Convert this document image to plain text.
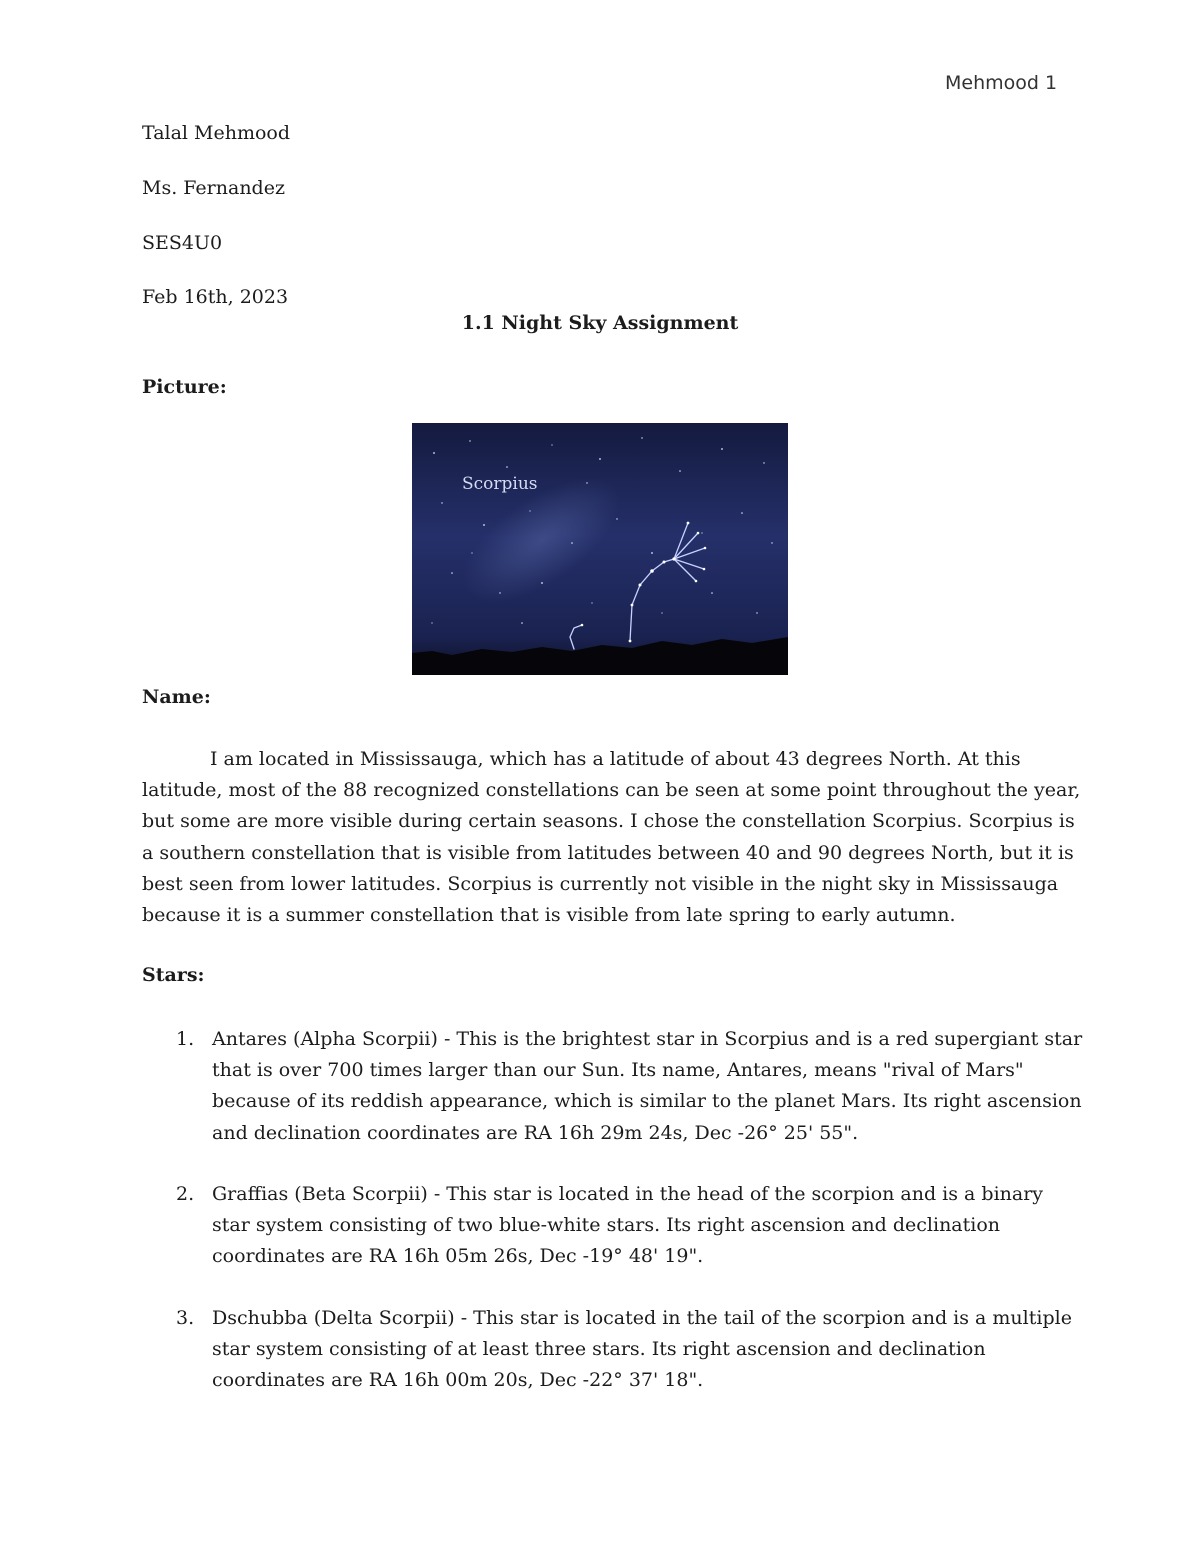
Mehmood 1
Talal Mehmood
Ms. Fernandez
SES4U0
Feb 16th, 2023
1.1 Night Sky Assignment
Picture:
Scorpius
Name:
I am located in Mississauga, which has a latitude of about 43 degrees North. At this
latitude, most of the 88 recognized constellations can be seen at some point throughout the year,
but some are more visible during certain seasons. I chose the constellation Scorpius. Scorpius is
a southern constellation that is visible from latitudes between 40 and 90 degrees North, but it is
best seen from lower latitudes. Scorpius is currently not visible in the night sky in Mississauga
because it is a summer constellation that is visible from late spring to early autumn.
Stars:
1. Antares (Alpha Scorpii) - This is the brightest star in Scorpius and is a red supergiant star
that is over 700 times larger than our Sun. Its name, Antares, means "rival of Mars"
because of its reddish appearance, which is similar to the planet Mars. Its right ascension
and declination coordinates are RA 16h 29m 24s, Dec -26° 25' 55".
2. Graffias (Beta Scorpii) - This star is located in the head of the scorpion and is a binary
star system consisting of two blue-white stars. Its right ascension and declination
coordinates are RA 16h 05m 26s, Dec -19° 48' 19".
3. Dschubba (Delta Scorpii) - This star is located in the tail of the scorpion and is a multiple
star system consisting of at least three stars. Its right ascension and declination
coordinates are RA 16h 00m 20s, Dec -22° 37' 18".
